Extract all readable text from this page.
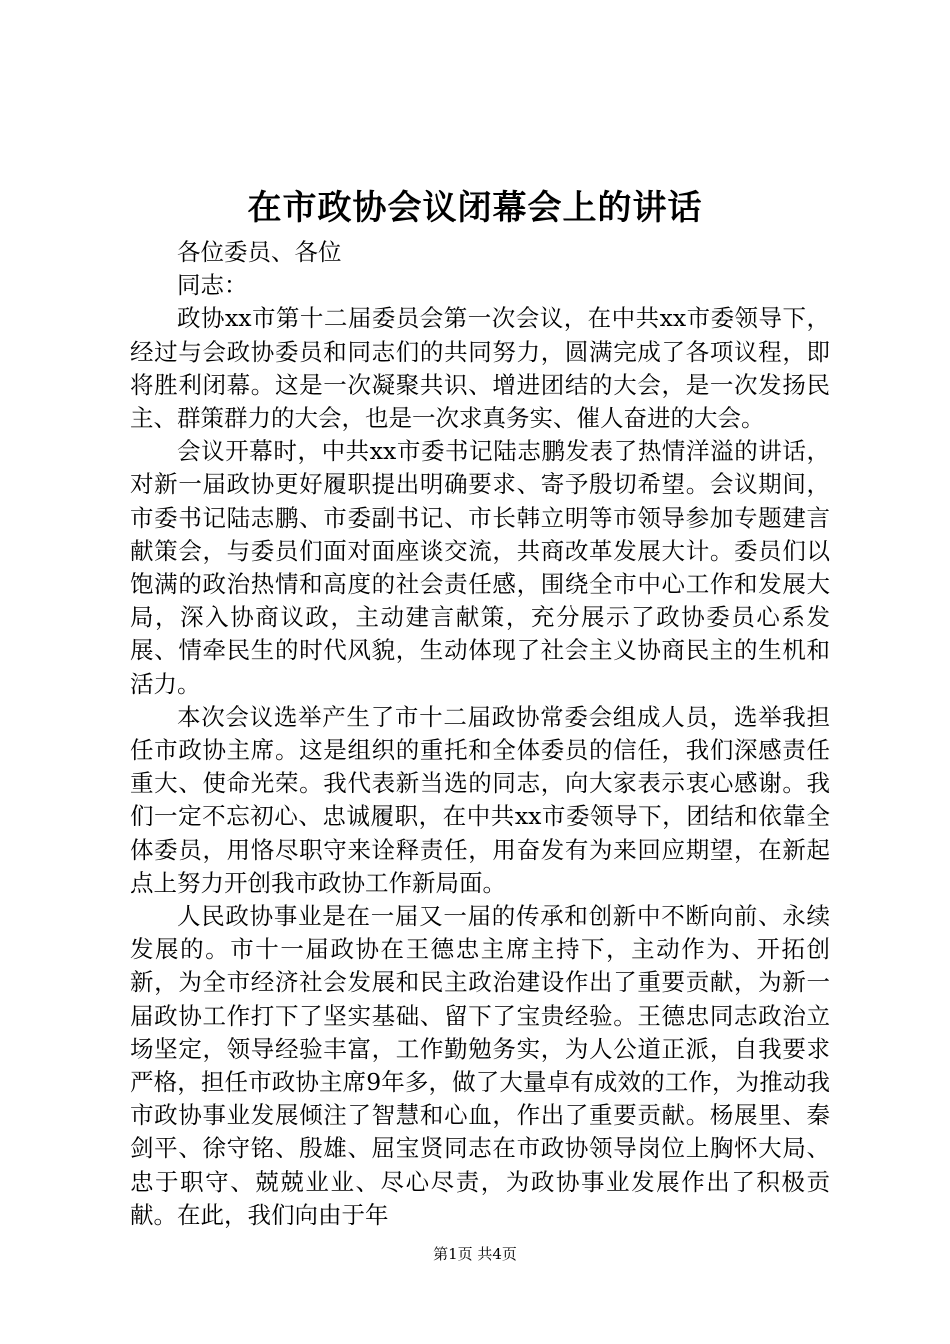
在市政协会议闭幕会上的讲话

各位委员、各位

同志：

政协xx市第十二届委员会第一次会议，在中共xx市委领导下，经过与会政协委员和同志们的共同努力，圆满完成了各项议程，即将胜利闭幕。这是一次凝聚共识、增进团结的大会，是一次发扬民主、群策群力的大会，也是一次求真务实、催人奋进的大会。

会议开幕时，中共xx市委书记陆志鹏发表了热情洋溢的讲话，对新一届政协更好履职提出明确要求、寄予殷切希望。会议期间，市委书记陆志鹏、市委副书记、市长韩立明等市领导参加专题建言献策会，与委员们面对面座谈交流，共商改革发展大计。委员们以饱满的政治热情和高度的社会责任感，围绕全市中心工作和发展大局，深入协商议政，主动建言献策，充分展示了政协委员心系发展、情牵民生的时代风貌，生动体现了社会主义协商民主的生机和活力。

本次会议选举产生了市十二届政协常委会组成人员，选举我担任市政协主席。这是组织的重托和全体委员的信任，我们深感责任重大、使命光荣。我代表新当选的同志，向大家表示衷心感谢。我们一定不忘初心、忠诚履职，在中共xx市委领导下，团结和依靠全体委员，用恪尽职守来诠释责任，用奋发有为来回应期望，在新起点上努力开创我市政协工作新局面。

人民政协事业是在一届又一届的传承和创新中不断向前、永续发展的。市十一届政协在王德忠主席主持下，主动作为、开拓创新，为全市经济社会发展和民主政治建设作出了重要贡献，为新一届政协工作打下了坚实基础、留下了宝贵经验。王德忠同志政治立场坚定，领导经验丰富，工作勤勉务实，为人公道正派，自我要求严格，担任市政协主席9年多，做了大量卓有成效的工作，为推动我市政协事业发展倾注了智慧和心血，作出了重要贡献。杨展里、秦剑平、徐守铭、殷雄、屈宝贤同志在市政协领导岗位上胸怀大局、忠于职守、兢兢业业、尽心尽责，为政协事业发展作出了积极贡献。在此，我们向由于年

第1页 共4页
